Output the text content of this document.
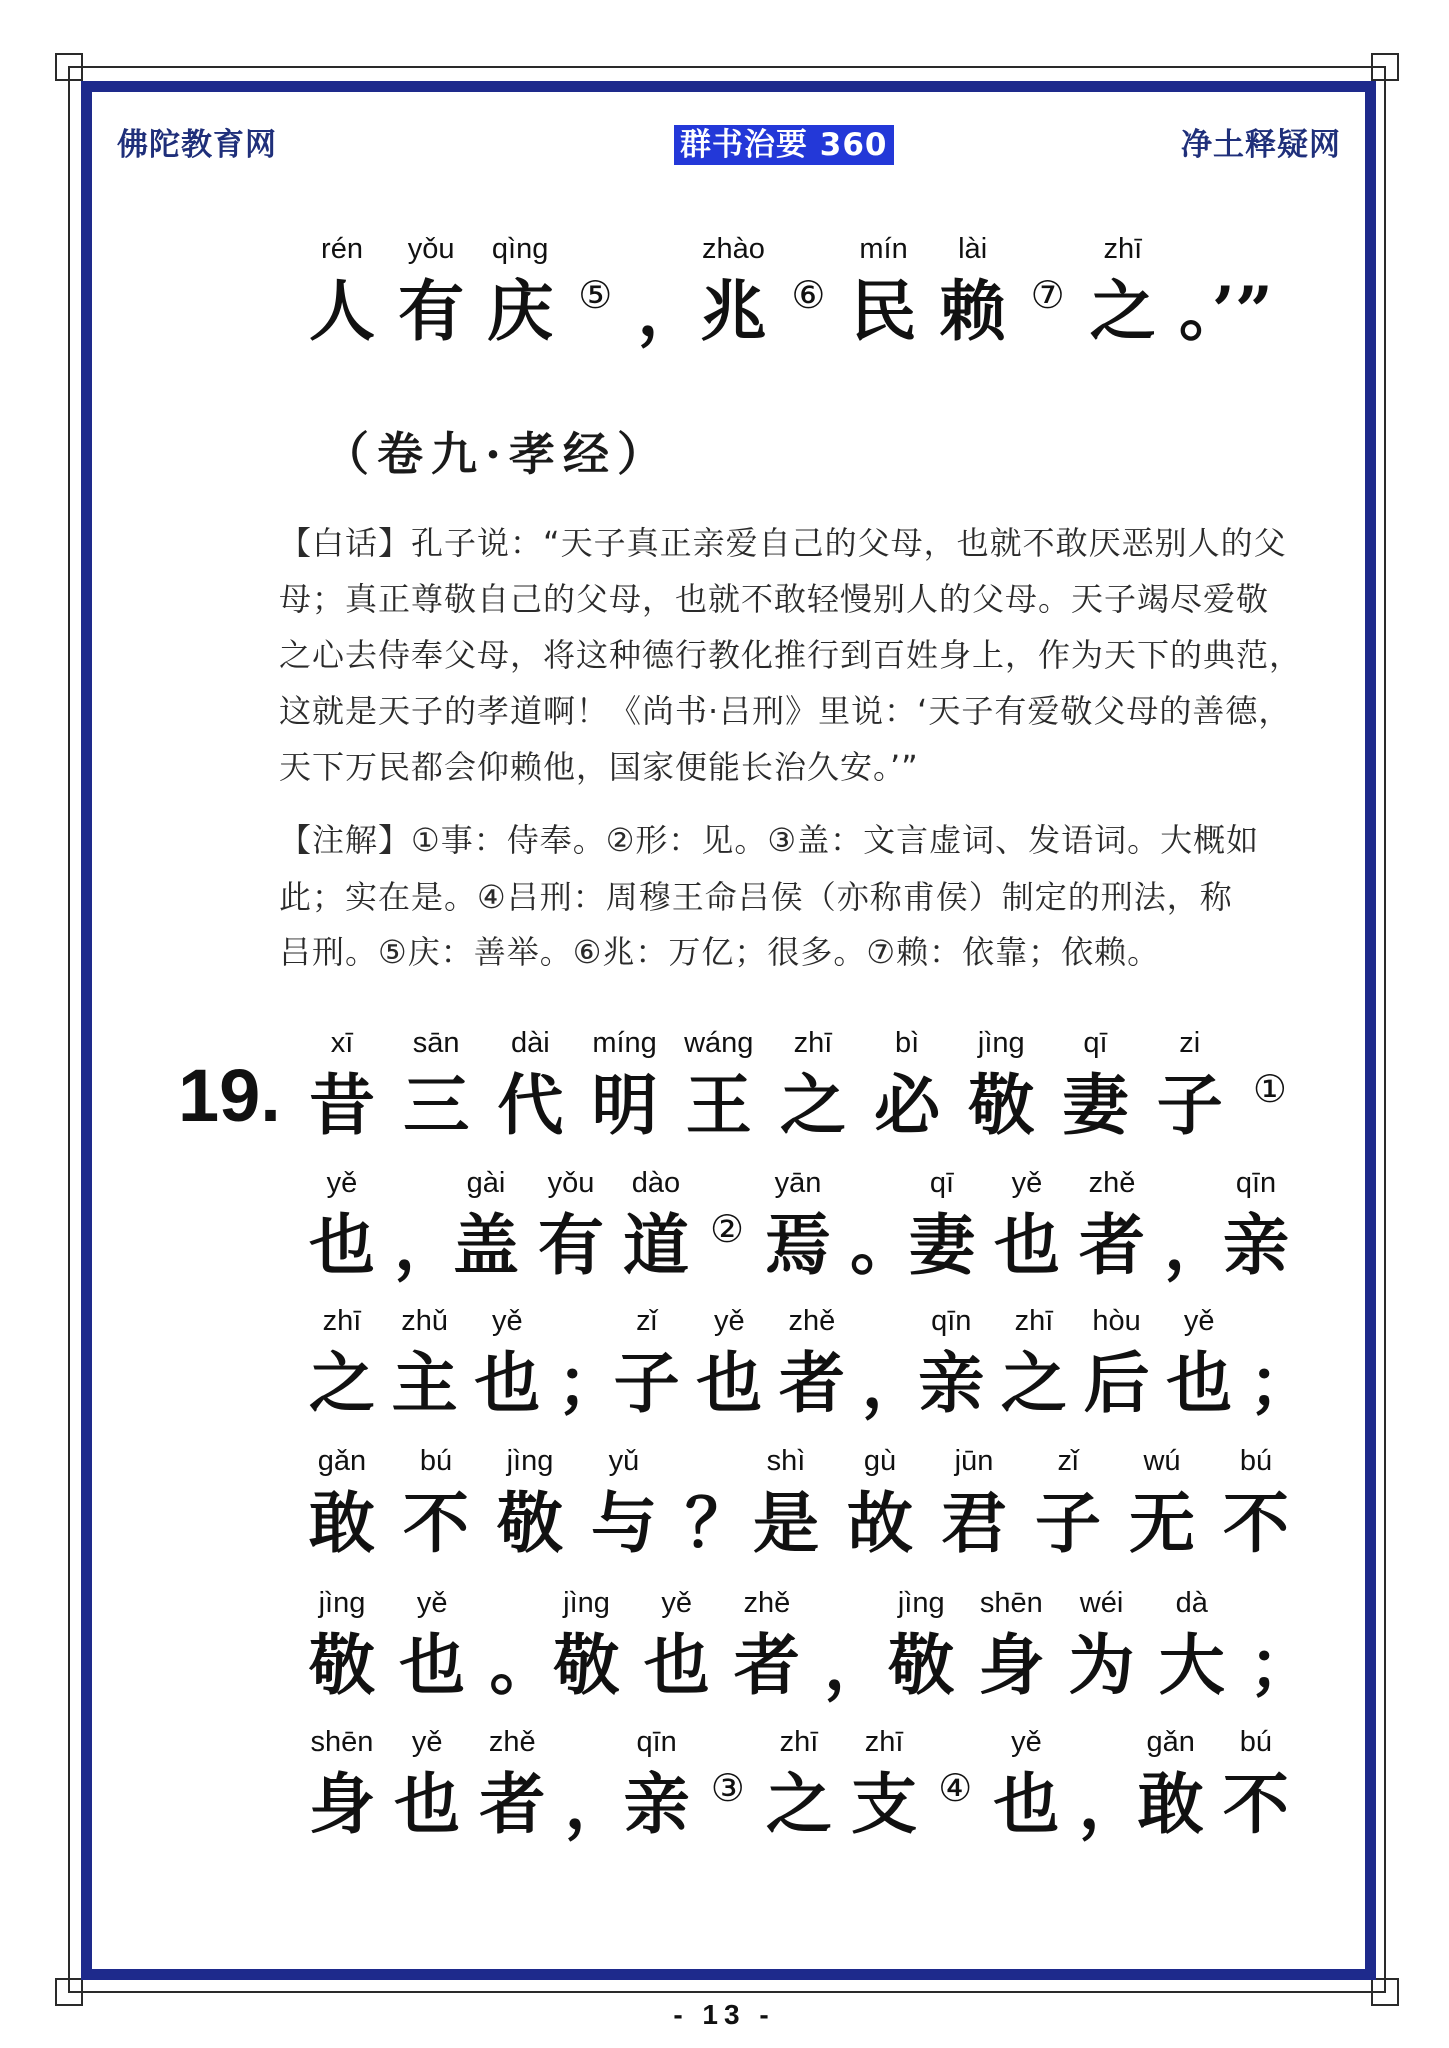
佛陀教育网	群书治要 360	净土释疑网
rén
人
yǒu
有
qìng
庆 ⑤ ，
zhào
兆 ⑥
mín
民
lài
赖 ⑦
zhī
之 。’”
（卷九·孝经）
【白话】孔子说：“天子真正亲爱自己的父母，也就不敢厌恶别人的父
母；真正尊敬自己的父母，也就不敢轻慢别人的父母。天子竭尽爱敬
之心去侍奉父母，将这种德行教化推行到百姓身上，作为天下的典范，
这就是天子的孝道啊！《尚书·吕刑》里说：‘天子有爱敬父母的善德，
天下万民都会仰赖他，国家便能长治久安。’”
【注解】①事：侍奉。②形：见。③盖：文言虚词、发语词。大概如
此；实在是。④吕刑：周穆王命吕侯（亦称甫侯）制定的刑法，称
吕刑。⑤庆：善举。⑥兆：万亿；很多。⑦赖：依靠；依赖。
19.
xī
昔
sān
三
dài
代
míng
明
wáng
王
zhī
之
bì
必
jìng
敬
qī
妻
zi
子 ①
yě
也 ，
gài
盖
yǒu
有
dào
道 ②
yān
焉 。
qī
妻
yě
也
zhě
者 ，
qīn
亲
zhī
之
zhǔ
主
yě
也 ；
zǐ
子
yě
也
zhě
者 ，
qīn
亲
zhī
之
hòu
后
yě
也 ；
gǎn
敢
bú
不
jìng
敬
yǔ
与 ？
shì
是
gù
故
jūn
君
zǐ
子
wú
无
bú
不
jìng
敬
yě
也 。
jìng
敬
yě
也
zhě
者 ，
jìng
敬
shēn
身
wéi
为
dà
大 ；
shēn
身
yě
也
zhě
者 ，
qīn
亲 ③
zhī
之
zhī
支 ④
yě
也 ，
gǎn
敢
bú
不
- 13 -
